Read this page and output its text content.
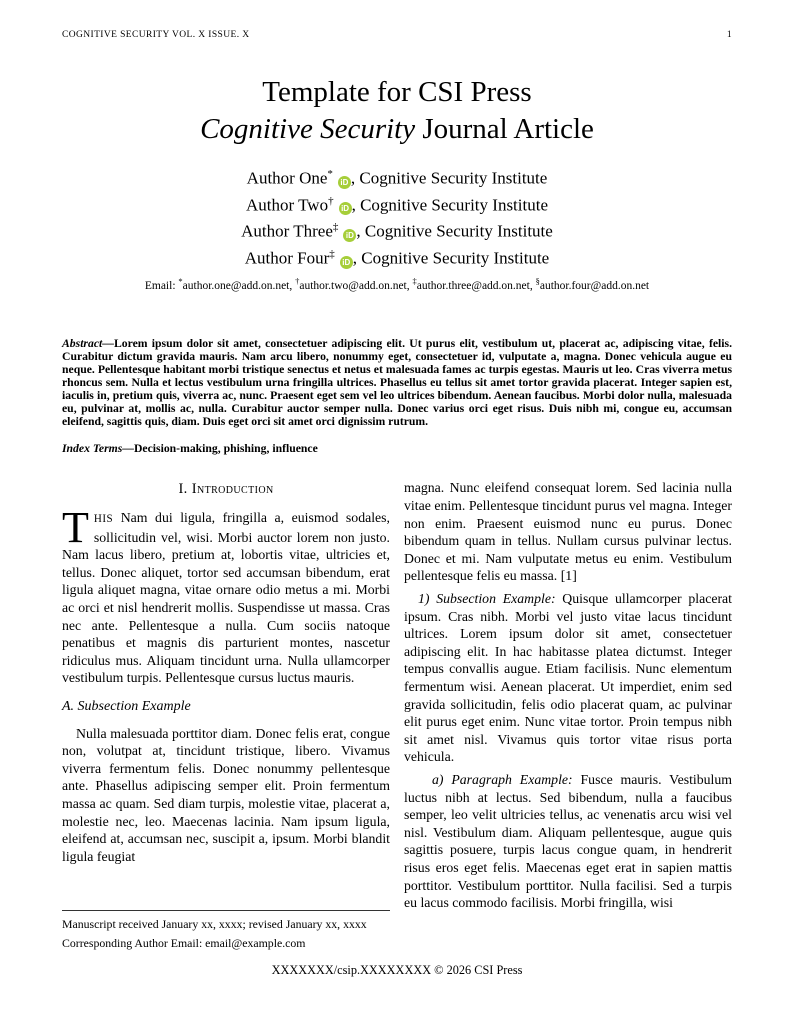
COGNITIVE SECURITY VOL. X ISSUE. X	1
Template for CSI Press
Cognitive Security Journal Article
Author One*iD , Cognitive Security Institute
Author Two†iD , Cognitive Security Institute
Author Three‡iD , Cognitive Security Institute
Author Four‡iD , Cognitive Security Institute
Email: *author.one@add.on.net, †author.two@add.on.net, ‡author.three@add.on.net, §author.four@add.on.net
Abstract—Lorem ipsum dolor sit amet, consectetuer adipiscing elit. Ut purus elit, vestibulum ut, placerat ac, adipiscing vitae, felis. Curabitur dictum gravida mauris. Nam arcu libero, nonummy eget, consectetuer id, vulputate a, magna. Donec vehicula augue eu neque. Pellentesque habitant morbi tristique senectus et netus et malesuada fames ac turpis egestas. Mauris ut leo. Cras viverra metus rhoncus sem. Nulla et lectus vestibulum urna fringilla ultrices. Phasellus eu tellus sit amet tortor gravida placerat. Integer sapien est, iaculis in, pretium quis, viverra ac, nunc. Praesent eget sem vel leo ultrices bibendum. Aenean faucibus. Morbi dolor nulla, malesuada eu, pulvinar at, mollis ac, nulla. Curabitur auctor semper nulla. Donec varius orci eget risus. Duis nibh mi, congue eu, accumsan eleifend, sagittis quis, diam. Duis eget orci sit amet orci dignissim rutrum.
Index Terms—Decision-making, phishing, influence
I. Introduction

THIS Nam dui ligula, fringilla a, euismod sodales, sollicitudin vel, wisi. Morbi auctor lorem non justo. Nam lacus libero, pretium at, lobortis vitae, ultricies et, tellus. Donec aliquet, tortor sed accumsan bibendum, erat ligula aliquet magna, vitae ornare odio metus a mi. Morbi ac orci et nisl hendrerit mollis. Suspendisse ut massa. Cras nec ante. Pellentesque a nulla. Cum sociis natoque penatibus et magnis dis parturient montes, nascetur ridiculus mus. Aliquam tincidunt urna. Nulla ullamcorper vestibulum turpis. Pellentesque cursus luctus mauris.

A. Subsection Example

Nulla malesuada porttitor diam. Donec felis erat, congue non, volutpat at, tincidunt tristique, libero. Vivamus viverra fermentum felis. Donec nonummy pellentesque ante. Phasellus adipiscing semper elit. Proin fermentum massa ac quam. Sed diam turpis, molestie vitae, placerat a, molestie nec, leo. Maecenas lacinia. Nam ipsum ligula, eleifend at, accumsan nec, suscipit a, ipsum. Morbi blandit ligula feugiat

magna. Nunc eleifend consequat lorem. Sed lacinia nulla vitae enim. Pellentesque tincidunt purus vel magna. Integer non enim. Praesent euismod nunc eu purus. Donec bibendum quam in tellus. Nullam cursus pulvinar lectus. Donec et mi. Nam vulputate metus eu enim. Vestibulum pellentesque felis eu massa. [1]

1) Subsection Example: Quisque ullamcorper placerat ipsum. Cras nibh. Morbi vel justo vitae lacus tincidunt ultrices. Lorem ipsum dolor sit amet, consectetuer adipiscing elit. In hac habitasse platea dictumst. Integer tempus convallis augue. Etiam facilisis. Nunc elementum fermentum wisi. Aenean placerat. Ut imperdiet, enim sed gravida sollicitudin, felis odio placerat quam, ac pulvinar elit purus eget enim. Nunc vitae tortor. Proin tempus nibh sit amet nisl. Vivamus quis tortor vitae risus porta vehicula.

a) Paragraph Example: Fusce mauris. Vestibulum luctus nibh at lectus. Sed bibendum, nulla a faucibus semper, leo velit ultricies tellus, ac venenatis arcu wisi vel nisl. Vestibulum diam. Aliquam pellentesque, augue quis sagittis posuere, turpis lacus congue quam, in hendrerit risus eros eget felis. Maecenas eget erat in sapien mattis porttitor. Vestibulum porttitor. Nulla facilisi. Sed a turpis eu lacus commodo facilisis. Morbi fringilla, wisi

Manuscript received January xx, xxxx; revised January xx, xxxx
Corresponding Author Email: email@example.com
XXXXXXX/csip.XXXXXXXX © 2026 CSI Press
